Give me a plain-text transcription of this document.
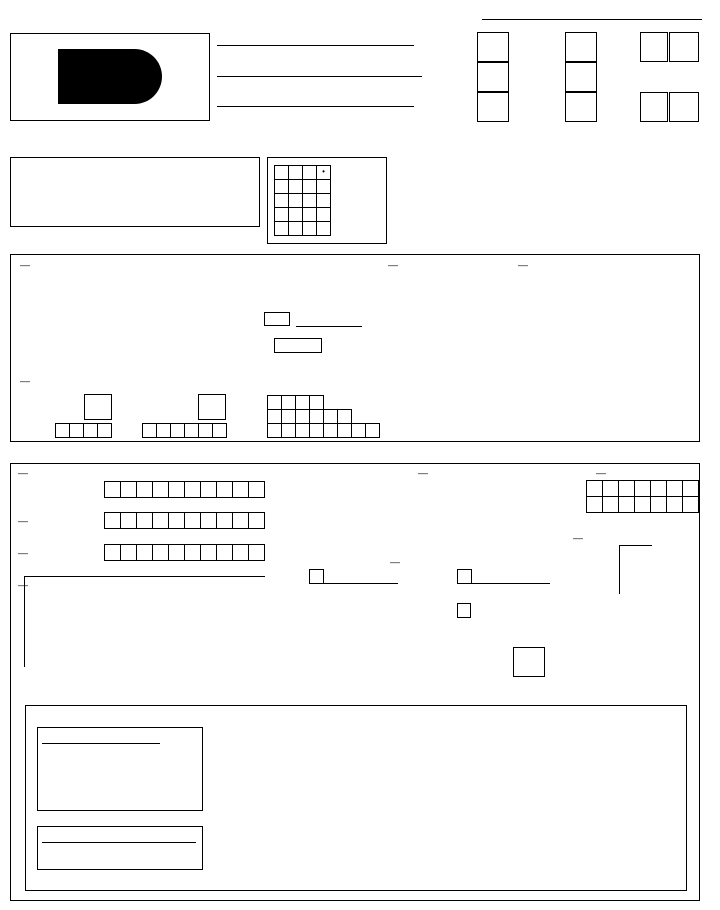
•
––	––	––
––
––
––
––
––
––
––
––
––
